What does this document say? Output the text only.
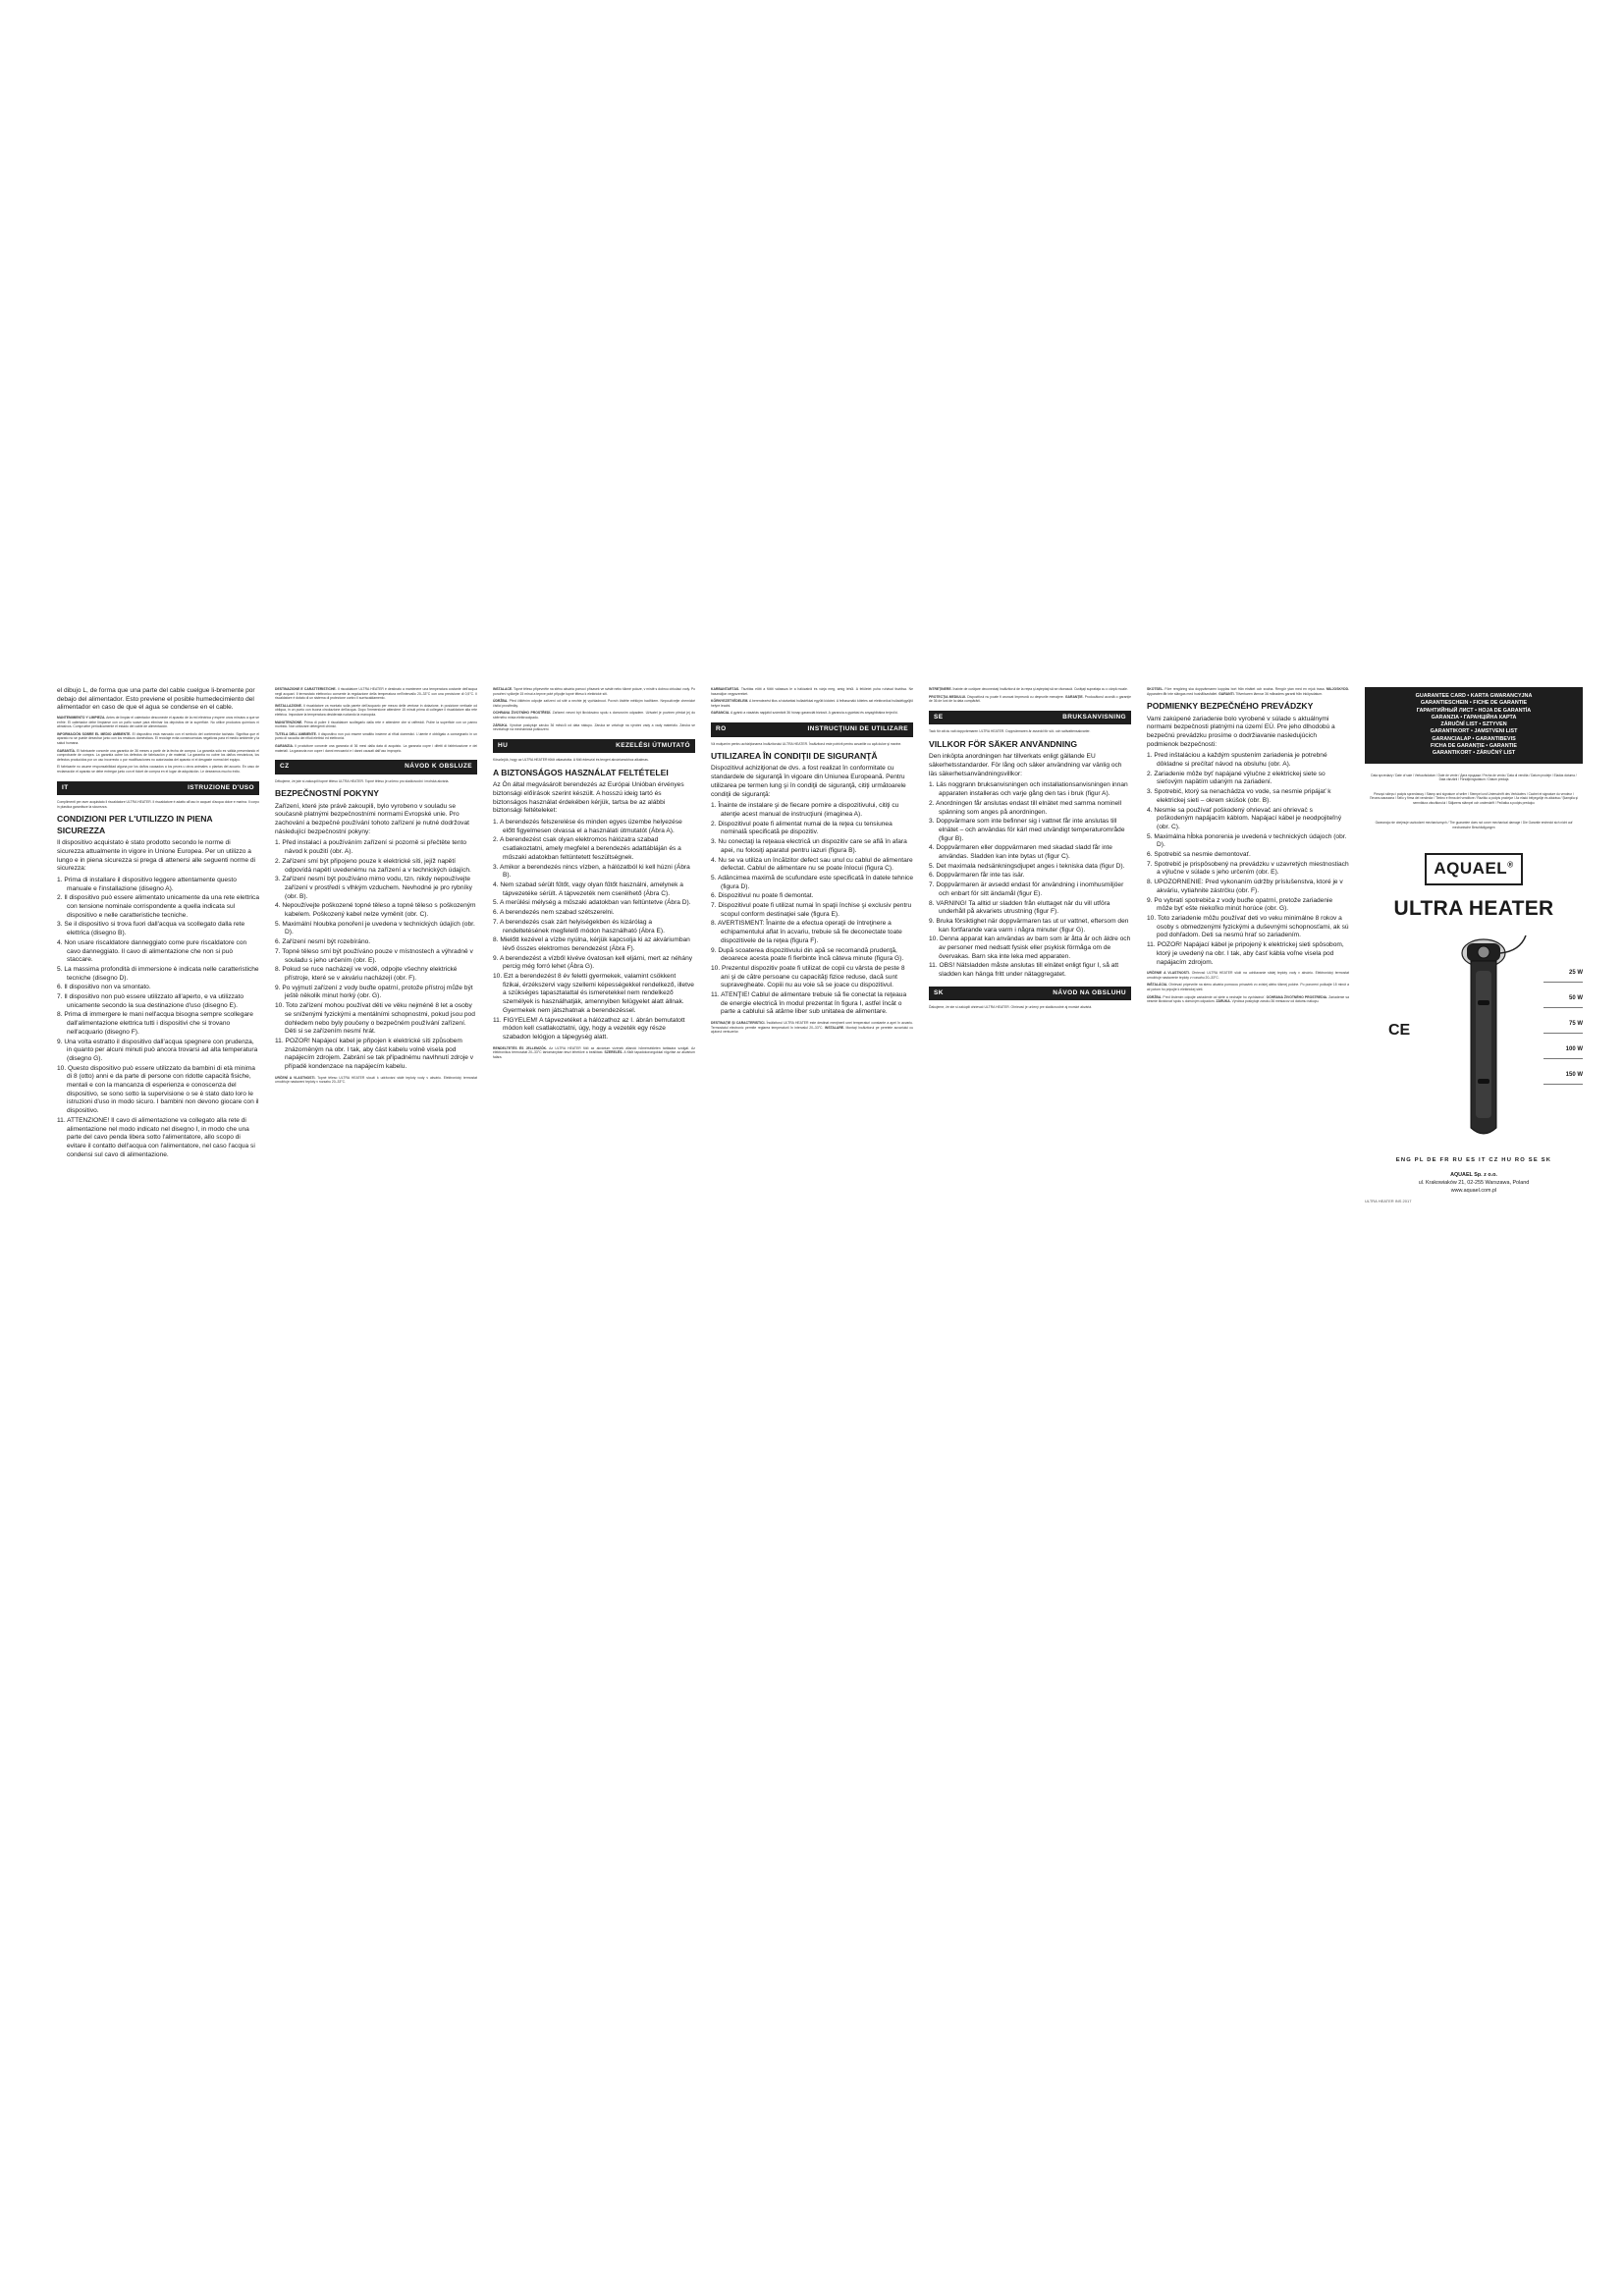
el dibujo L, de forma que una parte del cable cuelgue li-bremente por debajo del alimentador. Esto previene el posible humedecimiento del alimentador en caso de que el agua se condense en el cable.
MANTENIMIENTO Y LIMPIEZA. Antes de limpiar el calentador desconecte el aparato de la red eléctrica y espere unos minutos a que se enfríe. El calentador debe limpiarse con un paño suave para eliminar los depósitos de la superficie. No utilice productos químicos ni abrasivos. Compruebe periódicamente el estado del cable de alimentación.
INFORMACIÓN SOBRE EL MEDIO AMBIENTE. El dispositivo está marcado con el símbolo del contenedor tachado. Significa que el aparato no se puede desechar junto con los residuos domésticos. El reciclaje evita consecuencias negativas para el medio ambiente y la salud humana.
GARANTÍA. El fabricante concede una garantía de 36 meses a partir de la fecha de compra. La garantía sólo es válida presentando el comprobante de compra. La garantía cubre los defectos de fabricación y de material. La garantía no cubre los daños mecánicos, los defectos producidos por un uso incorrecto o por modificaciones no autorizadas del aparato ni el desgaste normal del equipo.
El fabricante no asume responsabilidad alguna por los daños causados a los peces u otros animales o plantas del acuario. En caso de reclamación el aparato se debe entregar junto con el ticket de compra en el lugar de adquisición. Le deseamos mucho éxito.
IT	ISTRUZIONE D'USO
Complimenti per aver acquistato il riscaldatore ULTRA HEATER. Il riscaldatore è adatto all'uso in acquari d'acqua dolce e marina. Il corpo in plastica garantisce la sicurezza.
CONDIZIONI PER L'UTILIZZO IN PIENA SICUREZZA
Il dispositivo acquistato è stato prodotto secondo le norme di sicurezza attualmente in vigore in Unione Europea. Per un utilizzo a lungo e in piena sicurezza si prega di attenersi alle seguenti norme di sicurezza:
1. Prima di installare il dispositivo leggere attentamente questo manuale e l'installazione (disegno A).
2. Il dispositivo può essere alimentato unicamente da una rete elettrica con tensione nominale corrispondente a quella indicata sul dispositivo e nelle caratteristiche tecniche.
3. Se il dispositivo si trova fuori dall'acqua va scollegato dalla rete elettrica (disegno B).
4. Non usare riscaldatore danneggiato come pure riscaldatore con cavo danneggiato. Il cavo di alimentazione che non si può staccare.
5. La massima profondità di immersione è indicata nelle caratteristiche tecniche (disegno D).
6. Il dispositivo non va smontato.
7. Il dispositivo non può essere utilizzato all'aperto, e va utilizzato unicamente secondo la sua destinazione d'uso (disegno E).
8. Prima di immergere le mani nell'acqua bisogna sempre scollegare dall'alimentazione elettrica tutti i dispositivi che si trovano nell'acquario (disegno F).
9. Una volta estratto il dispositivo dall'acqua spegnere con prudenza, in quanto per alcuni minuti può ancora trovarsi ad alta temperatura (disegno G).
10. Questo dispositivo può essere utilizzato da bambini di età minima di 8 (otto) anni e da parte di persone con ridotte capacità fisiche, mentali e con la mancanza di esperienza e conoscenza del dispositivo, se sono sotto la supervisione o se è stato dato loro le istruzioni d'uso in modo sicuro. I bambini non devono giocare con il dispositivo.
11. ATTENZIONE! Il cavo di alimentazione va collegato alla rete di alimentazione nel modo indicato nel disegno I, in modo che una parte del cavo penda libera sotto l'alimentatore, allo scopo di evitare il contatto dell'acqua con l'alimentatore, nel caso l'acqua si condensi sul cavo di alimentazione.
DESTINAZIONE E CARATTERISTICHE. Il riscaldatore ULTRA HEATER è destinato a mantenere una temperatura costante dell'acqua negli acquari. Il termostato elettronico consente la regolazione della temperatura nell'intervallo 20–33°C con una precisione di 0,5°C. Il riscaldatore è dotato di un sistema di protezione contro il surriscaldamento.
INSTALLAZIONE. Il riscaldatore va montato sulla parete dell'acquario per mezzo delle ventose in dotazione, in posizione verticale od obliqua, in un punto con buona circolazione dell'acqua. Dopo l'immersione attendere 15 minuti prima di collegare il riscaldatore alla rete elettrica. Impostare la temperatura desiderata ruotando la manopola.
MANUTENZIONE. Prima di pulire il riscaldatore scollegarlo dalla rete e attendere che si raffreddi. Pulire la superficie con un panno morbido. Non utilizzare detergenti chimici.
TUTELA DELL'AMBIENTE. Il dispositivo non può essere smaltito insieme ai rifiuti domestici. L'utente è obbligato a consegnarlo in un punto di raccolta dei rifiuti elettrici ed elettronici.
GARANZIA. Il produttore concede una garanzia di 36 mesi dalla data di acquisto. La garanzia copre i difetti di fabbricazione e dei materiali. La garanzia non copre i danni meccanici e i danni causati dall'uso improprio.
CZ	NÁVOD K OBSLUZE
Děkujeme, že jste si zakoupili topné těleso ULTRA HEATER. Topné těleso je určeno pro sladkovodní i mořská akvária.
BEZPEČNOSTNÍ POKYNY
Zařízení, které jste právě zakoupili, bylo vyrobeno v souladu se současně platnými bezpečnostními normami Evropské unie. Pro zachování a bezpečné používání tohoto zařízení je nutné dodržovat následující bezpečnostní pokyny:
1. Před instalací a používáním zařízení si pozorně si přečtěte tento návod k použití (obr. A).
2. Zařízení smí být připojeno pouze k elektrické síti, jejíž napětí odpovídá napětí uvedenému na zařízení a v technických údajích.
3. Zařízení nesmí být používáno mimo vodu, tzn. nikdy nepoužívejte zařízení v prostředí s vlhkým vzduchem. Nevhodné je pro rybníky (obr. B).
4. Nepoužívejte poškozené topné těleso a topné těleso s poškozeným kabelem. Poškozený kabel nelze vyměnit (obr. C).
5. Maximální hloubka ponoření je uvedena v technických údajích (obr. D).
6. Zařízení nesmí být rozebíráno.
7. Topné těleso smí být používáno pouze v místnostech a výhradně v souladu s jeho určením (obr. E).
8. Pokud se ruce nacházejí ve vodě, odpojte všechny elektrické přístroje, které se v akváriu nacházejí (obr. F).
9. Po vyjmutí zařízení z vody buďte opatrní, protože přístroj může být ještě několik minut horký (obr. G).
10. Toto zařízení mohou používat děti ve věku nejméně 8 let a osoby se sníženými fyzickými a mentálními schopnostmi, pokud jsou pod dohledem nebo byly poučeny o bezpečném používání zařízení. Děti si se zařízením nesmí hrát.
11. POZOR! Napájecí kabel je připojen k elektrické síti způsobem znázorněným na obr. I tak, aby část kabelu volně visela pod napájecím zdrojem. Zabrání se tak případnému navlhnutí zdroje v případě kondenzace na napájecím kabelu.
URČENÍ A VLASTNOSTI. Topné těleso ULTRA HEATER slouží k udržování stálé teploty vody v akváriu. Elektronický termostat umožňuje nastavení teploty v rozsahu 20–33°C.
INSTALACE. Topné těleso připevněte na stěnu akvária pomocí přísavek ve svislé nebo šikmé poloze, v místě s dobrou cirkulací vody. Po ponoření vyčkejte 15 minut a teprve poté připojte topné těleso k elektrické síti.
ÚDRŽBA. Před čištěním odpojte zařízení od sítě a nechte jej vychladnout. Povrch čistěte měkkým hadříkem. Nepoužívejte chemické čisticí prostředky.
OCHRANA ŽIVOTNÍHO PROSTŘEDÍ. Zařízení nesmí být likvidováno spolu s domovním odpadem. Uživatel je povinen předat jej do sběrného místa elektroodpadu.
ZÁRUKA. Výrobce poskytuje záruku 36 měsíců od data nákupu. Záruka se vztahuje na výrobní vady a vady materiálu. Záruka se nevztahuje na mechanická poškození.
HU	KEZELÉSI ÚTMUTATÓ
Köszönjük, hogy az ULTRA HEATER fűtőt választotta. A fűtő édesvízi és tengeri akváriumokhoz alkalmas.
A BIZTONSÁGOS HASZNÁLAT FELTÉTELEI
Az Ön által megvásárolt berendezés az Európai Unióban érvényes biztonsági előírások szerint készült. A hosszú ideig tartó és biztonságos használat érdekében kérjük, tartsa be az alábbi biztonsági feltételeket:
1. A berendezés felszerelése és minden egyes üzembe helyezése előtt figyelmesen olvassa el a használati útmutatót (Ábra A).
2. A berendezést csak olyan elektromos hálózatra szabad csatlakoztatni, amely megfelel a berendezés adattábláján és a műszaki adatokban feltüntetett feszültségnek.
3. Amikor a berendezés nincs vízben, a hálózatból ki kell húzni (Ábra B).
4. Nem szabad sérült fűtőt, vagy olyan fűtőt használni, amelynek a tápvezetéke sérült. A tápvezeték nem cserélhető (Ábra C).
5. A merülési mélység a műszaki adatokban van feltüntetve (Ábra D).
6. A berendezés nem szabad szétszerelni.
7. A berendezés csak zárt helyiségekben és kizárólag a rendeltetésének megfelelő módon használható (Ábra E).
8. Mielőtt kezével a vízbe nyúlna, kérjük kapcsolja ki az akváriumban lévő összes elektromos berendezést (Ábra F).
9. A berendezést a vízből kivéve óvatosan kell eljárni, mert az néhány percig még forró lehet (Ábra G).
10. Ezt a berendezést 8 év feletti gyermekek, valamint csökkent fizikai, érzékszervi vagy szellemi képességekkel rendelkező, illetve a szükséges tapasztalattal és ismeretekkel nem rendelkező személyek is használhatják, amennyiben felügyelet alatt állnak. Gyermekek nem játszhatnak a berendezéssel.
11. FIGYELEM! A tápvezetéket a hálózathoz az I. ábrán bemutatott módon kell csatlakoztatni, úgy, hogy a vezeték egy része szabadon lelógjon a tápegység alatt.
RENDELTETÉS ÉS JELLEMZŐK. Az ULTRA HEATER fűtő az akvárium vizének állandó hőmérsékleten tartására szolgál. Az elektronikus termosztát 20–33°C tartományban teszi lehetővé a beállítást. SZERELÉS. A fűtőt tapadókorongokkal rögzítse az akvárium falára.
KARBANTARTÁS. Tisztítás előtt a fűtőt válassza le a hálózatról és várja meg, amíg lehűl. A felületet puha ruhával tisztítsa. Ne használjon vegyszereket.
KÖRNYEZETVÉDELEM. A berendezést tilos a háztartási hulladékkal együtt kidobni. A felhasználó köteles azt elektronikai hulladékgyűjtő helyre leadni.
GARANCIA. A gyártó a vásárlás napjától számított 36 hónap garanciát biztosít. A garancia a gyártási és anyaghibákra terjed ki.
RO	INSTRUCŢIUNI DE UTILIZARE
Vă mulţumim pentru achiziţionarea încălzitorului ULTRA HEATER. Încălzitorul este potrivit pentru acvariile cu apă dulce şi marine.
UTILIZAREA ÎN CONDIŢII DE SIGURANŢĂ
Dispozitivul achiziţionat de dvs. a fost realizat în conformitate cu standardele de siguranţă în vigoare din Uniunea Europeană. Pentru utilizarea pe termen lung şi în condiţii de siguranţă, citiţi următoarele condiţii de siguranţă:
1. Înainte de instalare şi de fiecare pornire a dispozitivului, citiţi cu atenţie acest manual de instrucţiuni (imaginea A).
2. Dispozitivul poate fi alimentat numai de la reţea cu tensiunea nominală specificată pe dispozitiv.
3. Nu conectaţi la reţeaua electrică un dispozitiv care se află în afara apei, nu folosiţi aparatul pentru iazuri (figura B).
4. Nu se va utiliza un încălzitor defect sau unul cu cablul de alimentare defectat. Cablul de alimentare nu se poate înlocui (figura C).
5. Adâncimea maximă de scufundare este specificată în datele tehnice (figura D).
6. Dispozitivul nu poate fi demontat.
7. Dispozitivul poate fi utilizat numai în spaţii închise şi exclusiv pentru scopul conform destinaţiei sale (figura E).
8. AVERTISMENT: Înainte de a efectua operaţii de întreţinere a echipamentului aflat în acvariu, trebuie să fie deconectate toate dispozitivele de la reţea (figura F).
9. După scoaterea dispozitivului din apă se recomandă prudenţă, deoarece acesta poate fi fierbinte încă câteva minute (figura G).
10. Prezentul dispozitiv poate fi utilizat de copii cu vârsta de peste 8 ani şi de către persoane cu capacităţi fizice reduse, dacă sunt supravegheate. Copiii nu au voie să se joace cu dispozitivul.
11. ATENŢIE! Cablul de alimentare trebuie să fie conectat la reţeaua de energie electrică în modul prezentat în figura I, astfel încât o parte a cablului să atârne liber sub unitatea de alimentare.
DESTINAŢIE ŞI CARACTERISTICI. Încălzitorul ULTRA HEATER este destinat menţinerii unei temperaturi constante a apei în acvariu. Termostatul electronic permite reglarea temperaturii în intervalul 20–33°C. INSTALARE. Montaţi încălzitorul pe peretele acvariului cu ajutorul ventuzelor.
ÎNTREŢINERE. Înainte de curăţare deconectaţi încălzitorul de la reţea şi aşteptaţi să se răcească. Curăţaţi suprafaţa cu o cârpă moale.
PROTECŢIA MEDIULUI. Dispozitivul nu poate fi aruncat împreună cu deşeurile menajere. GARANŢIE. Producătorul acordă o garanţie de 36 de luni de la data cumpărării.
SE	BRUKSANVISNING
Tack för att du valt doppvärmaren ULTRA HEATER. Doppvärmaren är avsedd för söt- och saltvattensakvarier.
VILLKOR FÖR SÄKER ANVÄNDNING
Den inköpta anordningen har tillverkats enligt gällande EU säkerhetsstandarder. För lång och säker användning var vänlig och läs säkerhetsanvändningsvillkor:
1. Läs noggrann bruksanvisningen och installationsanvisningen innan apparaten installeras och varje gång den tas i bruk (figur A).
2. Anordningen får anslutas endast till elnätet med samma nominell spänning som anges på anordningen.
3. Doppvärmare som inte befinner sig i vattnet får inte anslutas till elnätet – och användas för kärl med utvändigt temperaturområde (figur B).
4. Doppvärmaren eller doppvärmaren med skadad sladd får inte användas. Sladden kan inte bytas ut (figur C).
5. Det maximala nedsänkningsdjupet anges i tekniska data (figur D).
6. Doppvärmaren får inte tas isär.
7. Doppvärmaren är avsedd endast för användning i inomhusmiljöer och enbart för sitt ändamål (figur E).
8. VARNING! Ta alltid ur sladden från eluttaget när du vill utföra underhåll på akvariets utrustning (figur F).
9. Bruka försiktighet när doppvärmaren tas ut ur vattnet, eftersom den kan fortfarande vara varm i några minuter (figur G).
10. Denna apparat kan användas av barn som är åtta år och äldre och av personer med nedsatt fysisk eller psykisk förmåga om de övervakas. Barn ska inte leka med apparaten.
11. OBS! Nätsladden måste anslutas till elnätet enligt figur I, så att sladden kan hänga fritt under nätaggregatet.
SK	NÁVOD NA OBSLUHU
Ďakujeme, že ste si zakúpili ohrievač ULTRA HEATER. Ohrievač je určený pre sladkovodné aj morské akváriá.
SKÖTSEL. Före rengöring ska doppvärmaren kopplas bort från elnätet och svalna. Rengör ytan med en mjuk trasa. MILJÖSKYDD. Apparaten får inte slängas med hushållsavfallet. GARANTI. Tillverkaren lämnar 36 månaders garanti från inköpsdatum.
PODMIENKY BEZPEČNÉHO PREVÁDZKY
Vami zakúpené zariadenie bolo vyrobené v súlade s aktuálnymi normami bezpečnosti platnými na území EÚ. Pre jeho dlhodobú a bezpečnú prevádzku prosíme o dodržiavanie nasledujúcich podmienok bezpečnosti:
1. Pred inštaláciou a každým spustením zariadenia je potrebné dôkladne si prečítať návod na obsluhu (obr. A).
2. Zariadenie môže byť napájané výlučne z elektrickej siete so sieťovým napätím udaným na zariadení.
3. Spotrebič, ktorý sa nenachádza vo vode, sa nesmie pripájať k elektrickej sieti – okrem skúšok (obr. B).
4. Nesmie sa používať poškodený ohrievač ani ohrievač s poškodeným napájacím káblom. Napájací kábel je neodpojiteľný (obr. C).
5. Maximálna hĺbka ponorenia je uvedená v technických údajoch (obr. D).
6. Spotrebič sa nesmie demontovať.
7. Spotrebič je prispôsobený na prevádzku v uzavretých miestnostiach a výlučne v súlade s jeho určením (obr. E).
8. UPOZORNENIE: Pred vykonaním údržby príslušenstva, ktoré je v akváriu, vytiahnite zástrčku (obr. F).
9. Po vybratí spotrebiča z vody buďte opatrní, pretože zariadenie môže byť ešte niekoľko minút horúce (obr. G).
10. Toto zariadenie môžu používať deti vo veku minimálne 8 rokov a osoby s obmedzenými fyzickými a duševnými schopnosťami, ak sú pod dohľadom. Deti sa nesmú hrať so zariadením.
11. POZOR! Napájací kábel je pripojený k elektrickej sieti spôsobom, ktorý je uvedený na obr. I tak, aby časť kábla voľne visela pod napájacím zdrojom.
URČENIE A VLASTNOSTI. Ohrievač ULTRA HEATER slúži na udržiavanie stálej teploty vody v akváriu. Elektronický termostat umožňuje nastavenie teploty v rozsahu 20–33°C.
INŠTALÁCIA. Ohrievač pripevnite na stenu akvária pomocou prísaviek vo zvislej alebo šikmej polohe. Po ponorení počkajte 15 minút a až potom ho pripojte k elektrickej sieti.
ÚDRŽBA. Pred čistením odpojte zariadenie od siete a nechajte ho vychladnúť. OCHRANA ŽIVOTNÉHO PROSTREDIA. Zariadenie sa nesmie likvidovať spolu s domovým odpadom. ZÁRUKA. Výrobca poskytuje záruku 36 mesiacov od dátumu nákupu.
GUARANTEE CARD • KARTA GWARANCYJNA
GARANTIESCHEIN • FICHE DE GARANTIE
ГАРАНТИЙНЫЙ ЛИСТ • HOJA DE GARANTÍA
GARANZIA • ГАРАНЦІЙНА КАРТА
ZÁRUČNÍ LIST • SZTYVEN
GARANTIKORT • JAMSTVENI LIST
GARANCIALAP • GARANTIBEVIS
FICHA DE GARANȚIE • GARANTIE
GARANTIKORT • ZÁRUČNÝ LIST
Data sprzedaży / Date of sale / Verkaufsdatum / Date de vente / Дата продажи / Fecha de venta / Data di vendita / Datum prodeje / Eladás dátuma / Data vânzării / Försäljningsdatum / Dátum predaja
Pieczęć sklepu i podpis sprzedawcy / Stamp and signature of seller / Stempel und Unterschrift des Verkäufers / Cachet et signature du vendeur / Печать магазина / Sello y firma del vendedor / Timbro e firma del venditore / Razítko a podpis prodejce / Az eladó bélyegzője és aláírása / Ştampila şi semnătura vânzătorului / Säljarens stämpel och underskrift / Pečiatka a podpis predajcu
Gwarancja nie obejmuje uszkodzeń mechanicznych / The guarantee does not cover mechanical damage / Die Garantie erstreckt sich nicht auf mechanische Beschädigungen
AQUAEL®
ULTRA HEATER
CE
25 W
50 W
75 W
100 W
150 W
ENG PL DE FR RU ES IT CZ HU RO SE SK
AQUAEL Sp. z o.o.
ul. Krakowiaków 21, 02-255 Warszawa, Poland
www.aquael.com.pl
ULTRA HEATER INS 2017
